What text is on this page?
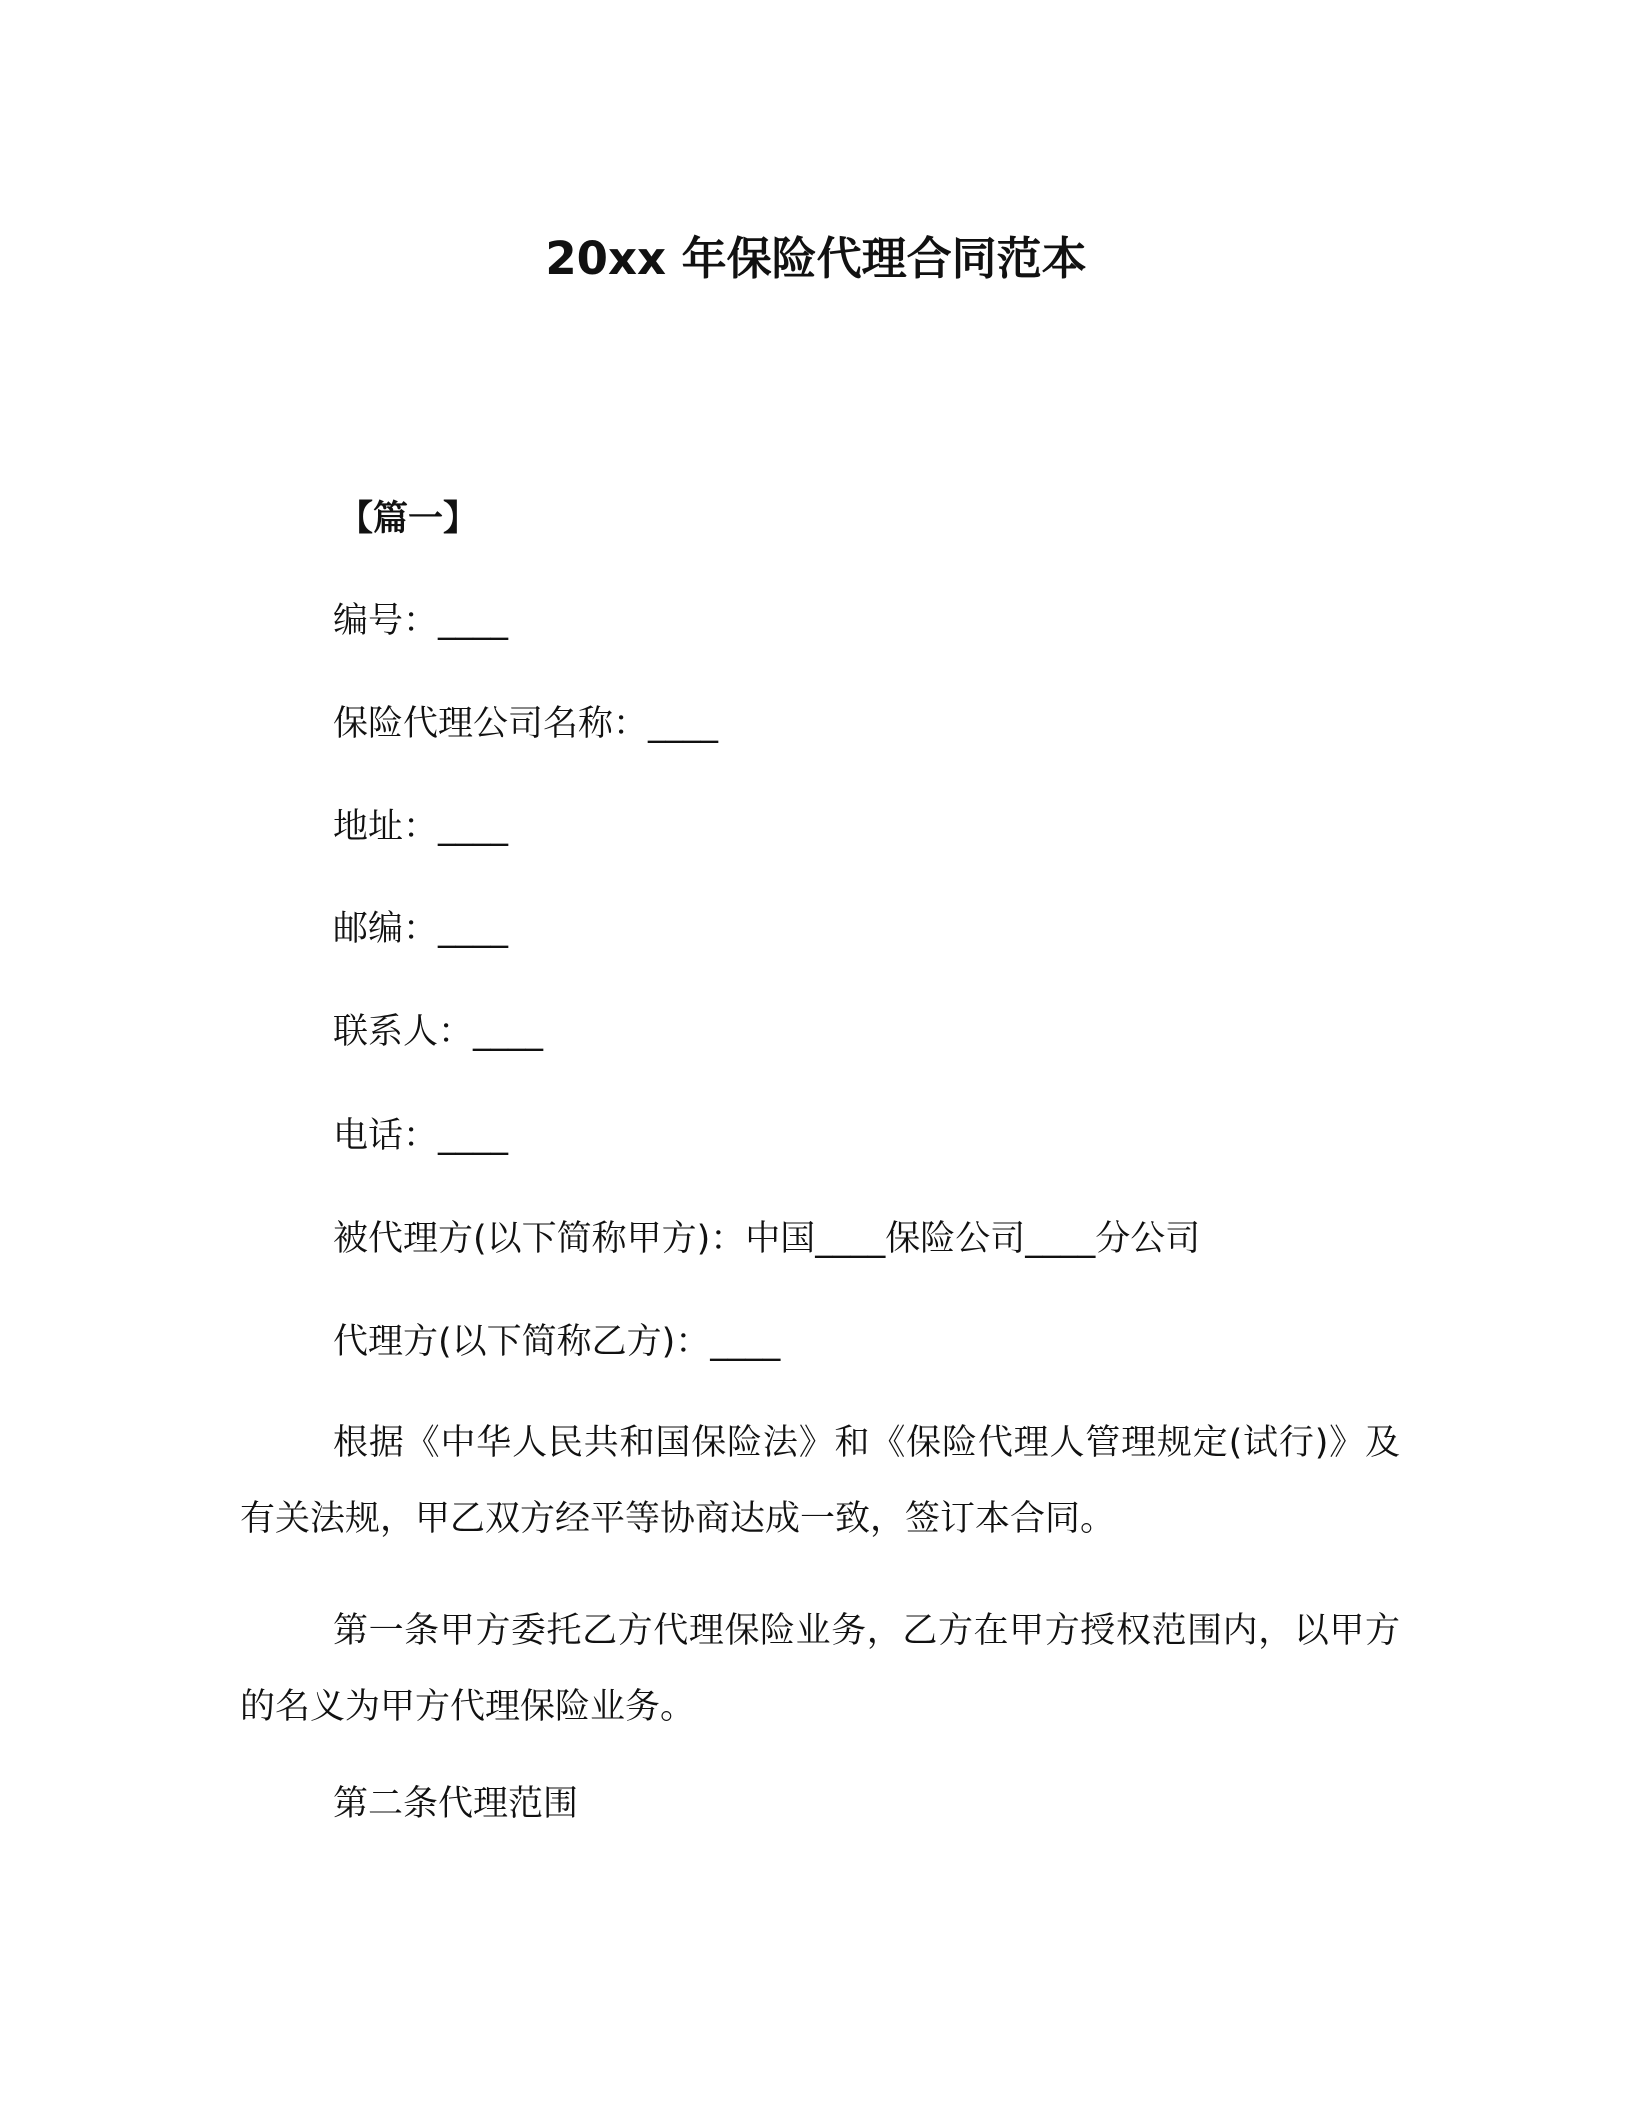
20xx 年保险代理合同范本

【篇一】

编号：____

保险代理公司名称：____

地址：____

邮编：____

联系人：____

电话：____

被代理方(以下简称甲方)：中国____保险公司____分公司

代理方(以下简称乙方)：____

根据《中华人民共和国保险法》和《保险代理人管理规定(试行)》及有关法规，甲乙双方经平等协商达成一致，签订本合同。

第一条甲方委托乙方代理保险业务，乙方在甲方授权范围内，以甲方的名义为甲方代理保险业务。

第二条代理范围
